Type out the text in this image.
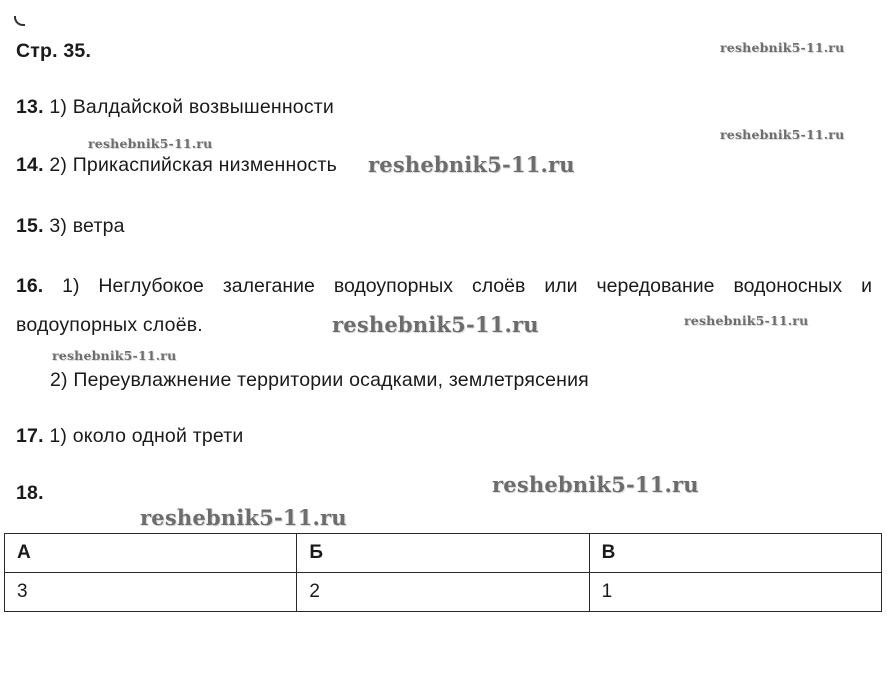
Стр. 35.	reshebnik5-11.ru
13. 1) Валдайской возвышенности
reshebnik5-11.ru
reshebnik5-11.ru
14. 2) Прикаспийская низменность reshebnik5-11.ru
15. 3) ветра
16. 1) Неглубокое залегание водоупорных слоёв или чередование водоносных и
водоупорных слоёв.	reshebnik5-11.ru	reshebnik5-11.ru
reshebnik5-11.ru
2) Переувлажнение территории осадками, землетрясения
17. 1) около одной трети
18.	reshebnik5-11.ru
reshebnik5-11.ru
А	Б	В
3	2	1
